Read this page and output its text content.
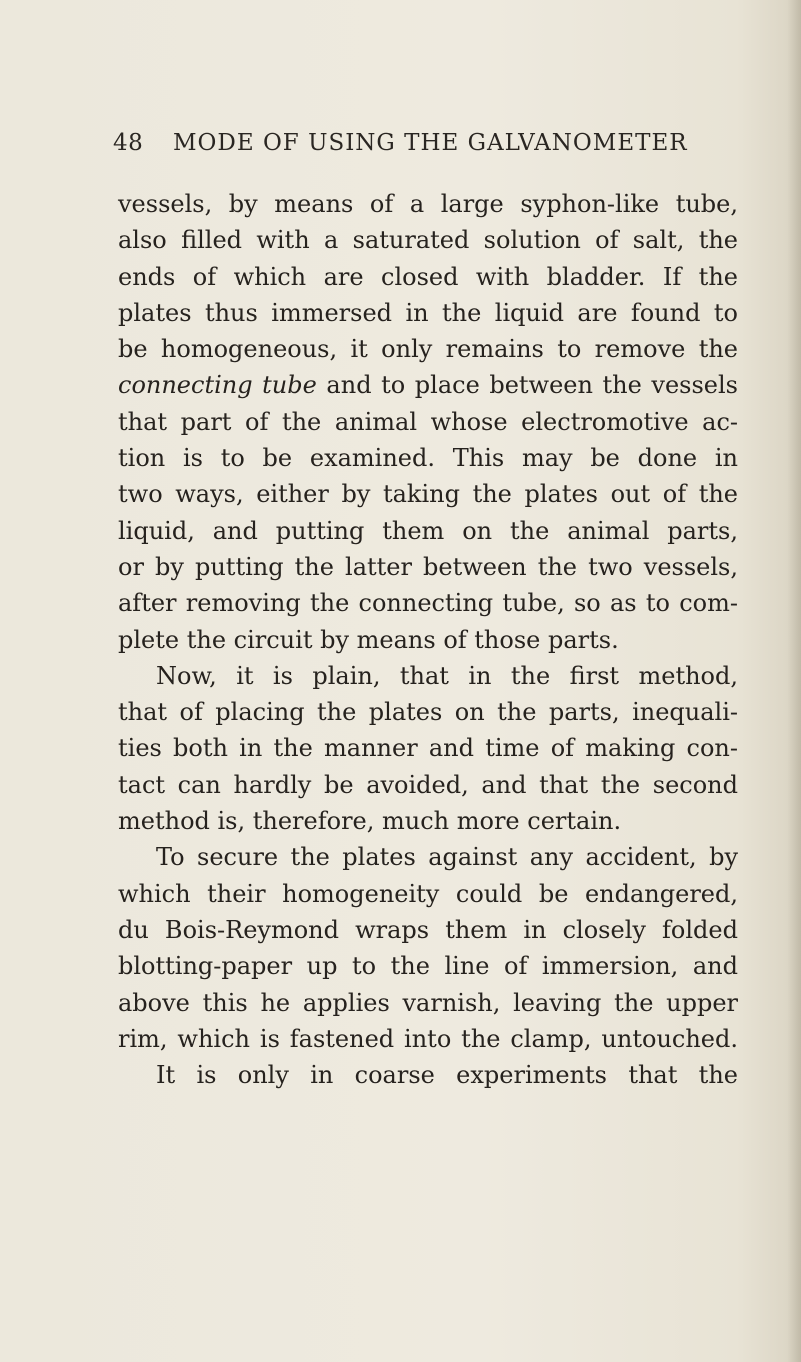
48 MODE OF USING THE GALVANOMETER
vessels, by means of a large syphon-like tube,
also filled with a saturated solution of salt, the
ends of which are closed with bladder. If the
plates thus immersed in the liquid are found to
be homogeneous, it only remains to remove the
connecting tube and to place between the vessels
that part of the animal whose electromotive ac-
tion is to be examined. This may be done in
two ways, either by taking the plates out of the
liquid, and putting them on the animal parts,
or by putting the latter between the two vessels,
after removing the connecting tube, so as to com-
plete the circuit by means of those parts.
Now, it is plain, that in the first method,
that of placing the plates on the parts, inequali-
ties both in the manner and time of making con-
tact can hardly be avoided, and that the second
method is, therefore, much more certain.
To secure the plates against any accident, by
which their homogeneity could be endangered,
du Bois-Reymond wraps them in closely folded
blotting-paper up to the line of immersion, and
above this he applies varnish, leaving the upper
rim, which is fastened into the clamp, untouched.
It is only in coarse experiments that the
